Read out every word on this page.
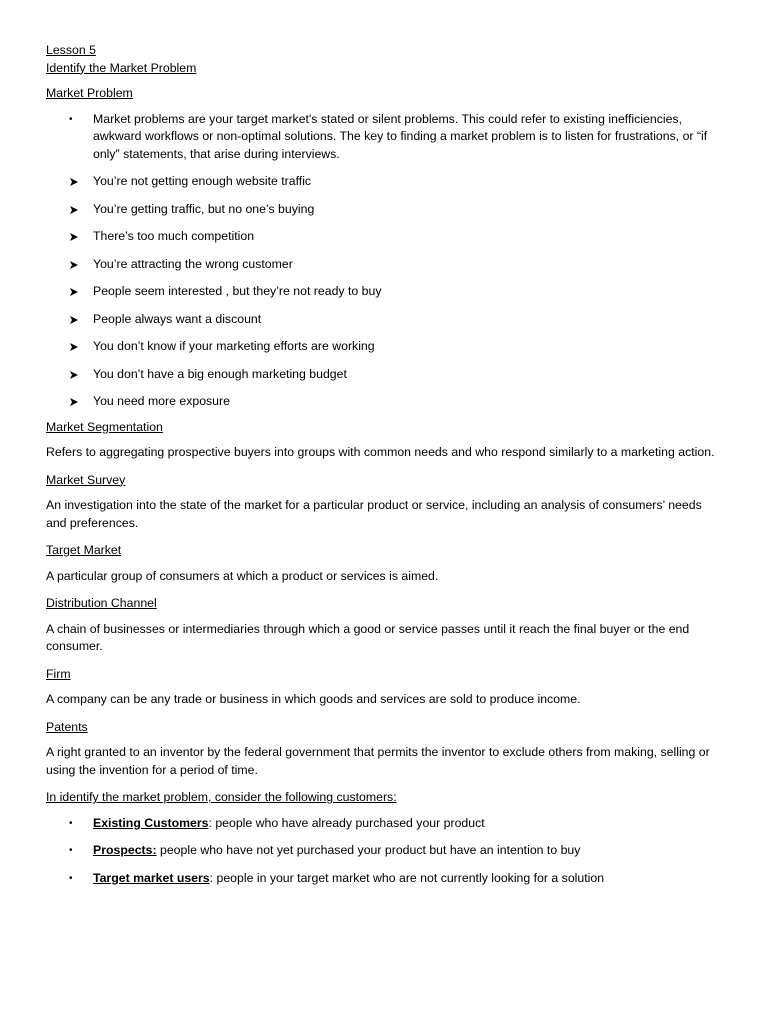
Lesson 5

Identify the Market Problem

Market Problem

Market problems are your target market's stated or silent problems. This could refer to existing inefficiencies, awkward workflows or non-optimal solutions. The key to finding a market problem is to listen for frustrations, or “if only” statements, that arise during interviews.
You’re not getting enough website traffic
You’re getting traffic, but no one’s buying
There’s too much competition
You’re attracting the wrong customer
People seem interested , but they’re not ready to buy
People always want a discount
You don’t know if your marketing efforts are working
You don’t have a big enough marketing budget
You need more exposure

Market Segmentation

Refers to aggregating prospective buyers into groups with common needs and who respond similarly to a marketing action.

Market Survey

An investigation into the state of the market for a particular product or service, including an analysis of consumers’ needs and preferences.

Target Market

A particular group of consumers at which a product or services is aimed.

Distribution Channel

A chain of businesses or intermediaries through which a good or service passes until it reach the final buyer or the end consumer.

Firm

A company can be any trade or business in which goods and services are sold to produce income.

Patents

A right granted to an inventor by the federal government that permits the inventor to exclude others from making, selling or using the invention for a period of time.

In identify the market problem, consider the following customers:

Existing Customers: people who have already purchased your product
Prospects: people who have not yet purchased your product but have an intention to buy
Target market users: people in your target market who are not currently looking for a solution
